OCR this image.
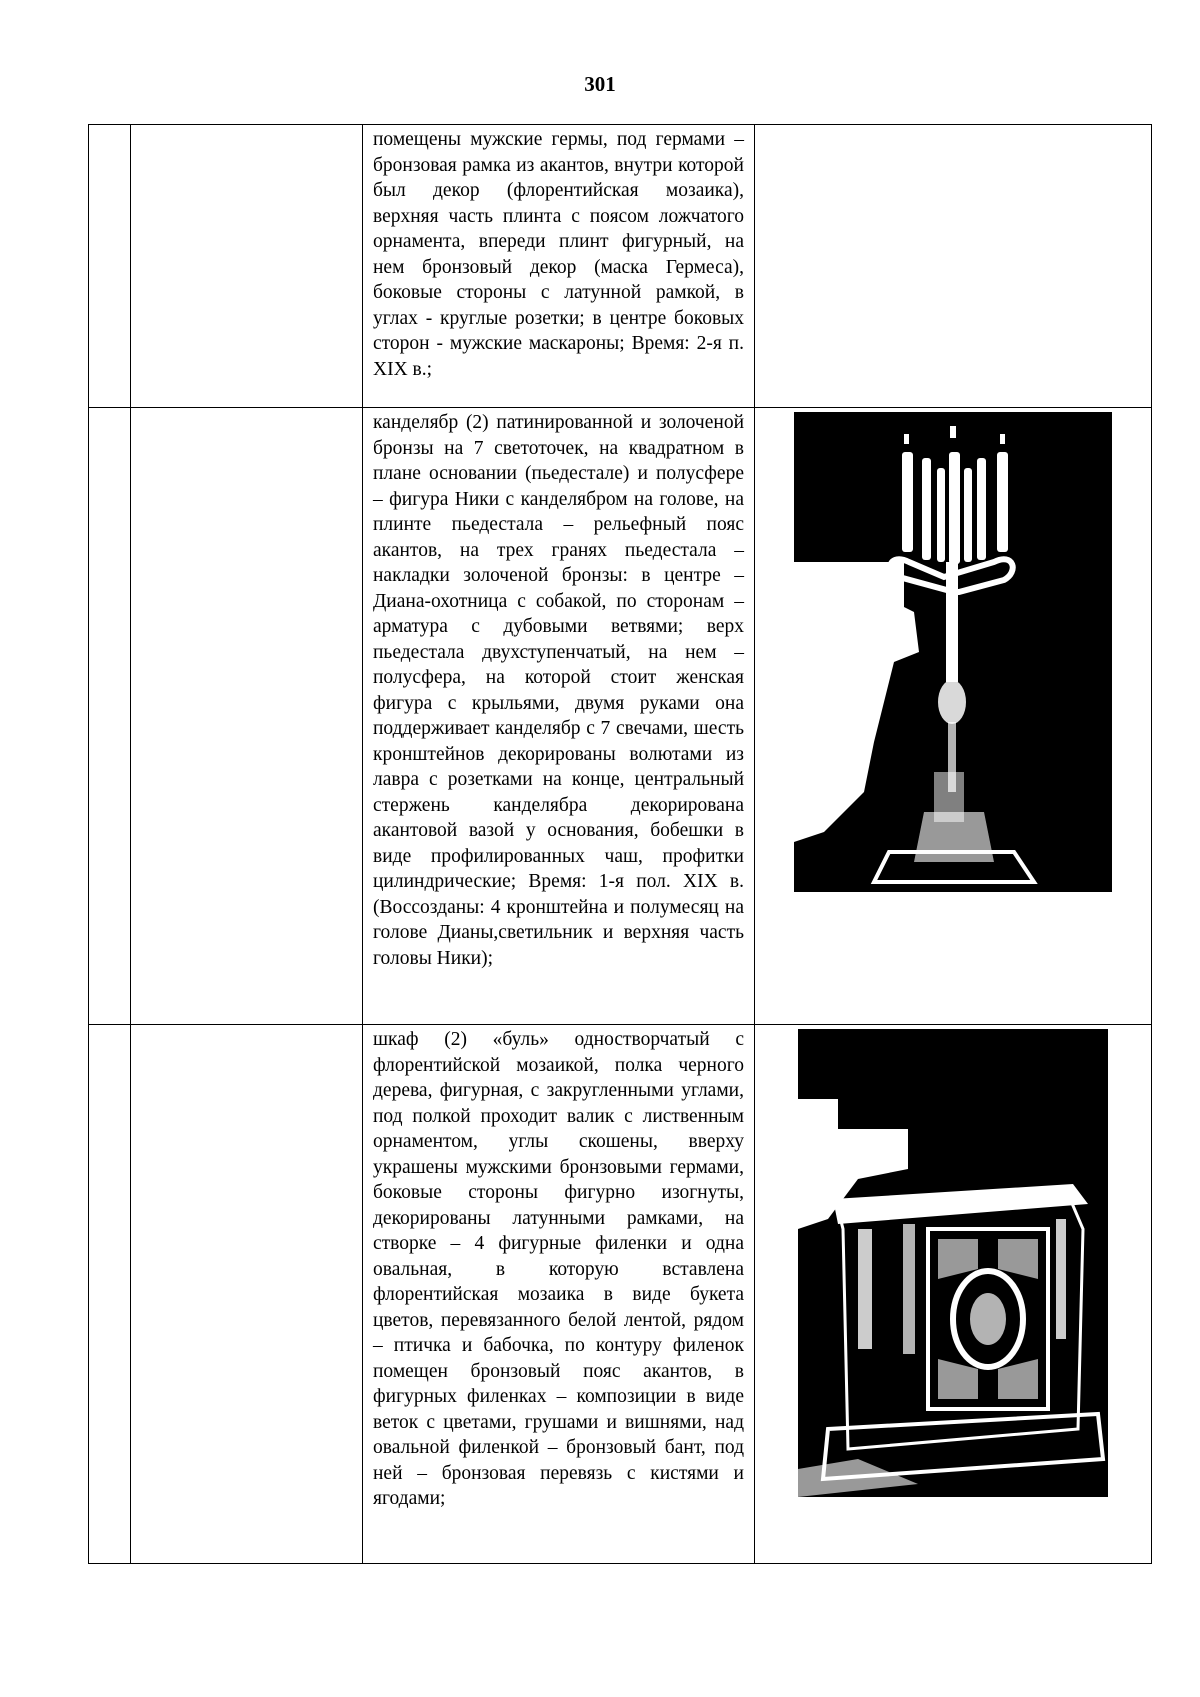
301

		помещены мужские гермы, под гермами – бронзовая рамка из акантов, внутри которой был декор (флорентийская мозаика), верхняя часть плинта с поясом ложчатого орнамента, впереди плинт фигурный, на нем бронзовый декор (маска Гермеса), боковые стороны с латунной рамкой, в углах - круглые розетки; в центре боковых сторон - мужские маскароны; Время: 2-я п. XIX в.;	

		канделябр (2) патинированной и золоченой бронзы на 7 светоточек, на квадратном в плане основании (пьедестале) и полусфере – фигура Ники с канделябром на голове, на плинте пьедестала – рельефный пояс акантов, на трех гранях пьедестала – накладки золоченой бронзы: в центре – Диана-охотница с собакой, по сторонам – арматура с дубовыми ветвями; верх пьедестала двухступенчатый, на нем – полусфера, на которой стоит женская фигура с крыльями, двумя руками она поддерживает канделябр с 7 свечами, шесть кронштейнов декорированы волютами из лавра с розетками на конце, центральный стержень канделябра декорирована акантовой вазой у основания, бобешки в виде профилированных чаш, профитки цилиндрические; Время: 1-я пол. XIX в. (Воссозданы: 4 кронштейна и полумесяц на голове Дианы,светильник и верхняя часть головы Ники);

		шкаф (2) «буль» одностворчатый с флорентийской мозаикой, полка черного дерева, фигурная, с закругленными углами, под полкой проходит валик с лиственным орнаментом, углы скошены, вверху украшены мужскими бронзовыми гермами, боковые стороны фигурно изогнуты, декорированы латунными рамками, на створке – 4 фигурные филенки и одна овальная, в которую вставлена флорентийская мозаика в виде букета цветов, перевязанного белой лентой, рядом – птичка и бабочка, по контуру филенок помещен бронзовый пояс акантов, в фигурных филенках – композиции в виде веток с цветами, грушами и вишнями, над овальной филенкой – бронзовый бант, под ней – бронзовая перевязь с кистями и ягодами;
